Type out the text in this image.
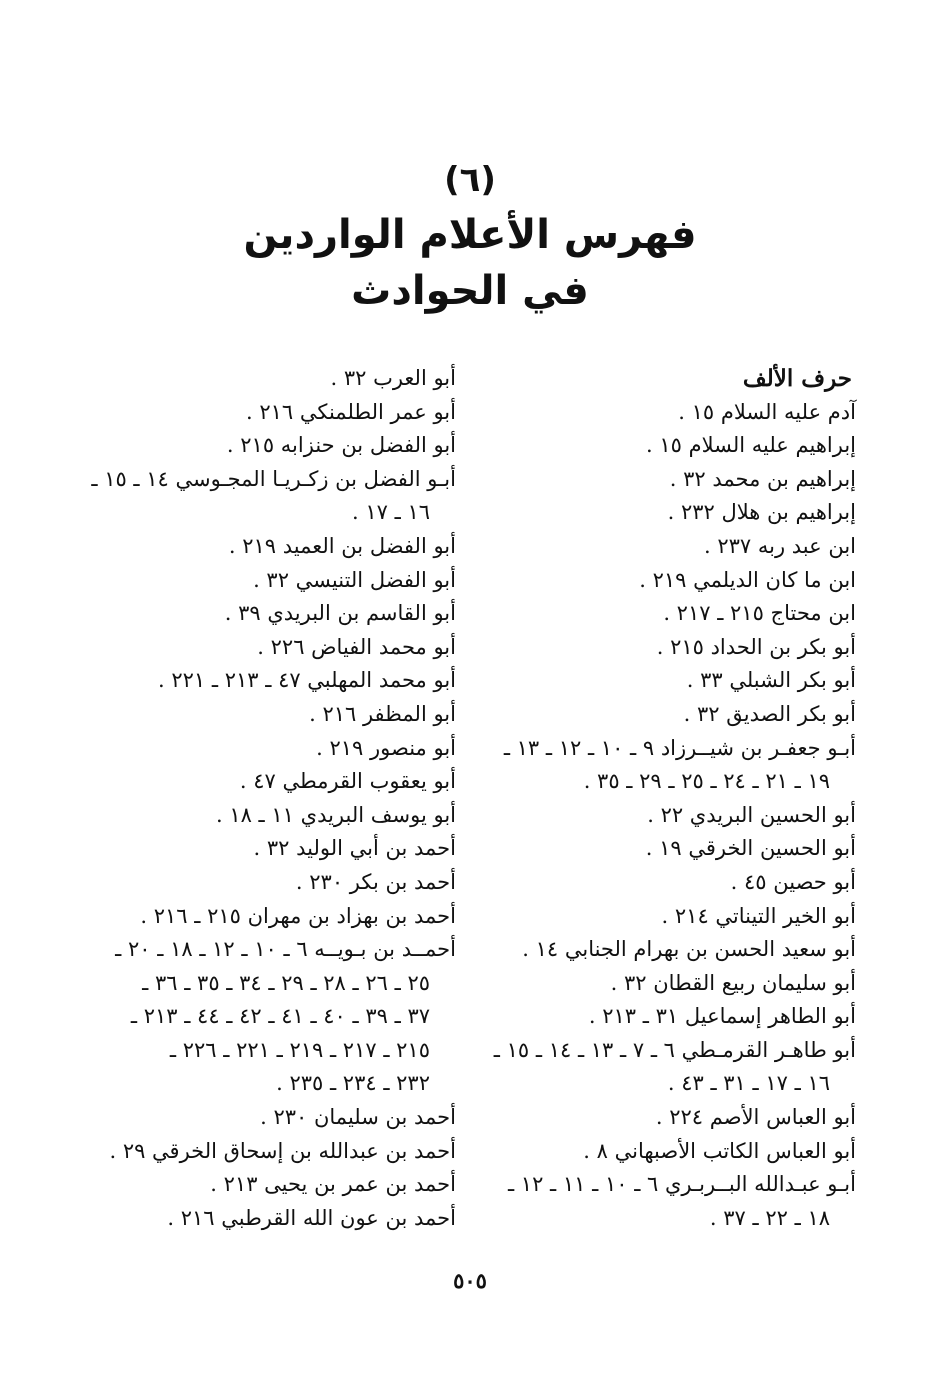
(٦)
فهرس الأعلام الواردين
في الحوادث
حرف الألف
آدم عليه السلام ١٥ .
إبراهيم عليه السلام ١٥ .
إبراهيم بن محمد ٣٢ .
إبراهيم بن هلال ٢٣٢ .
ابن عبد ربه ٢٣٧ .
ابن ما كان الديلمي ٢١٩ .
ابن محتاج ٢١٥ ـ ٢١٧ .
أبو بكر بن الحداد ٢١٥ .
أبو بكر الشبلي ٣٣ .
أبو بكر الصديق ٣٢ .
أبـو جعفـر بن شيــرزاد ٩ ـ ١٠ ـ ١٢ ـ ١٣ ـ
١٩ ـ ٢١ ـ ٢٤ ـ ٢٥ ـ ٢٩ ـ ٣٥ .
أبو الحسين البريدي ٢٢ .
أبو الحسين الخرقي ١٩ .
أبو حصين ٤٥ .
أبو الخير التيناتي ٢١٤ .
أبو سعيد الحسن بن بهرام الجنابي ١٤ .
أبو سليمان ربيع القطان ٣٢ .
أبو الطاهر إسماعيل ٣١ ـ ٢١٣ .
أبو طاهـر القرمـطي ٦ ـ ٧ ـ ١٣ ـ ١٤ ـ ١٥ ـ
١٦ ـ ١٧ ـ ٣١ ـ ٤٣ .
أبو العباس الأصم ٢٢٤ .
أبو العباس الكاتب الأصبهاني ٨ .
أبـو عبـدالله البــربـري ٦ ـ ١٠ ـ ١١ ـ ١٢ ـ
١٨ ـ ٢٢ ـ ٣٧ .
أبو العرب ٣٢ .
أبو عمر الطلمنكي ٢١٦ .
أبو الفضل بن حنزابه ٢١٥ .
أبـو الفضل بن زكـريـا المجـوسي ١٤ ـ ١٥ ـ
١٦ ـ ١٧ .
أبو الفضل بن العميد ٢١٩ .
أبو الفضل التنيسي ٣٢ .
أبو القاسم بن البريدي ٣٩ .
أبو محمد الفياض ٢٢٦ .
أبو محمد المهلبي ٤٧ ـ ٢١٣ ـ ٢٢١ .
أبو المظفر ٢١٦ .
أبو منصور ٢١٩ .
أبو يعقوب القرمطي ٤٧ .
أبو يوسف البريدي ١١ ـ ١٨ .
أحمد بن أبي الوليد ٣٢ .
أحمد بن بكر ٢٣٠ .
أحمد بن بهزاد بن مهران ٢١٥ ـ ٢١٦ .
أحمــد بن بـويــه ٦ ـ ١٠ ـ ١٢ ـ ١٨ ـ ٢٠ ـ
٢٥ ـ ٢٦ ـ ٢٨ ـ ٢٩ ـ ٣٤ ـ ٣٥ ـ ٣٦ ـ
٣٧ ـ ٣٩ ـ ٤٠ ـ ٤١ ـ ٤٢ ـ ٤٤ ـ ٢١٣ ـ
٢١٥ ـ ٢١٧ ـ ٢١٩ ـ ٢٢١ ـ ٢٢٦ ـ
٢٣٢ ـ ٢٣٤ ـ ٢٣٥ .
أحمد بن سليمان ٢٣٠ .
أحمد بن عبدالله بن إسحاق الخرقي ٢٩ .
أحمد بن عمر بن يحيى ٢١٣ .
أحمد بن عون الله القرطبي ٢١٦ .
٥٠٥
